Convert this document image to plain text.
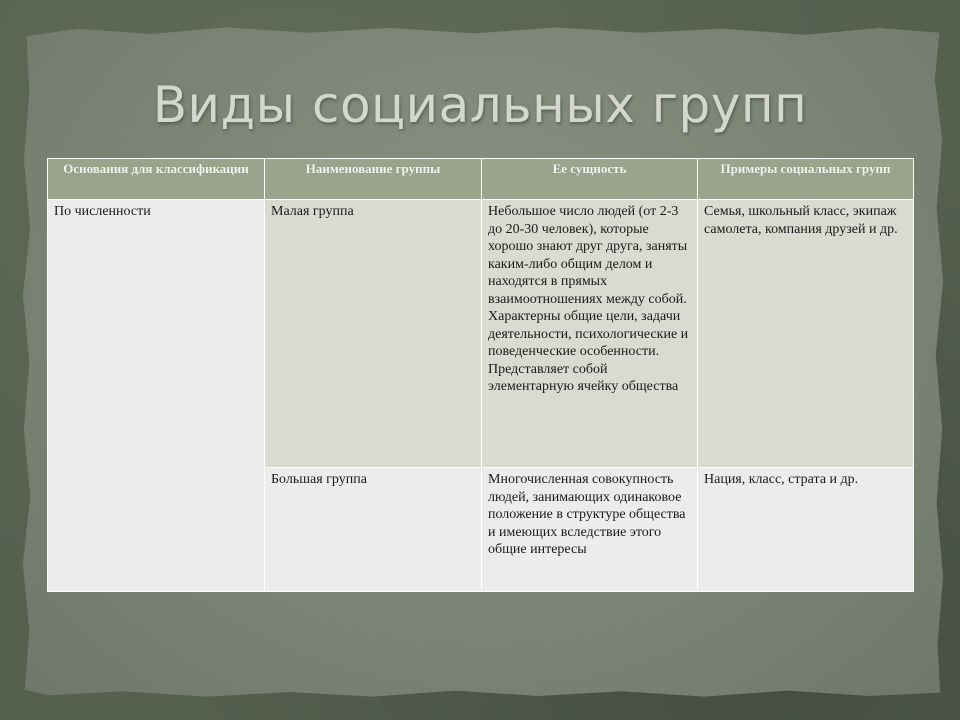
Виды социальных групп
Основания для классификации	Наименование группы	Ее сущность	Примеры социальных групп
По численности	Малая группа	Небольшое число людей (от 2-3 до 20-30 человек), которые хорошо знают друг друга, заняты каким-либо общим делом и находятся в прямых взаимоотношениях между собой. Характерны общие цели, задачи деятельности, психологические и поведенческие особенности. Представляет собой элементарную ячейку общества	Семья, школьный класс, экипаж самолета, компания друзей и др.
	Большая группа	Многочисленная совокупность людей, занимающих одинаковое положение в структуре общества и имеющих вследствие этого общие интересы	Нация, класс, страта и др.
